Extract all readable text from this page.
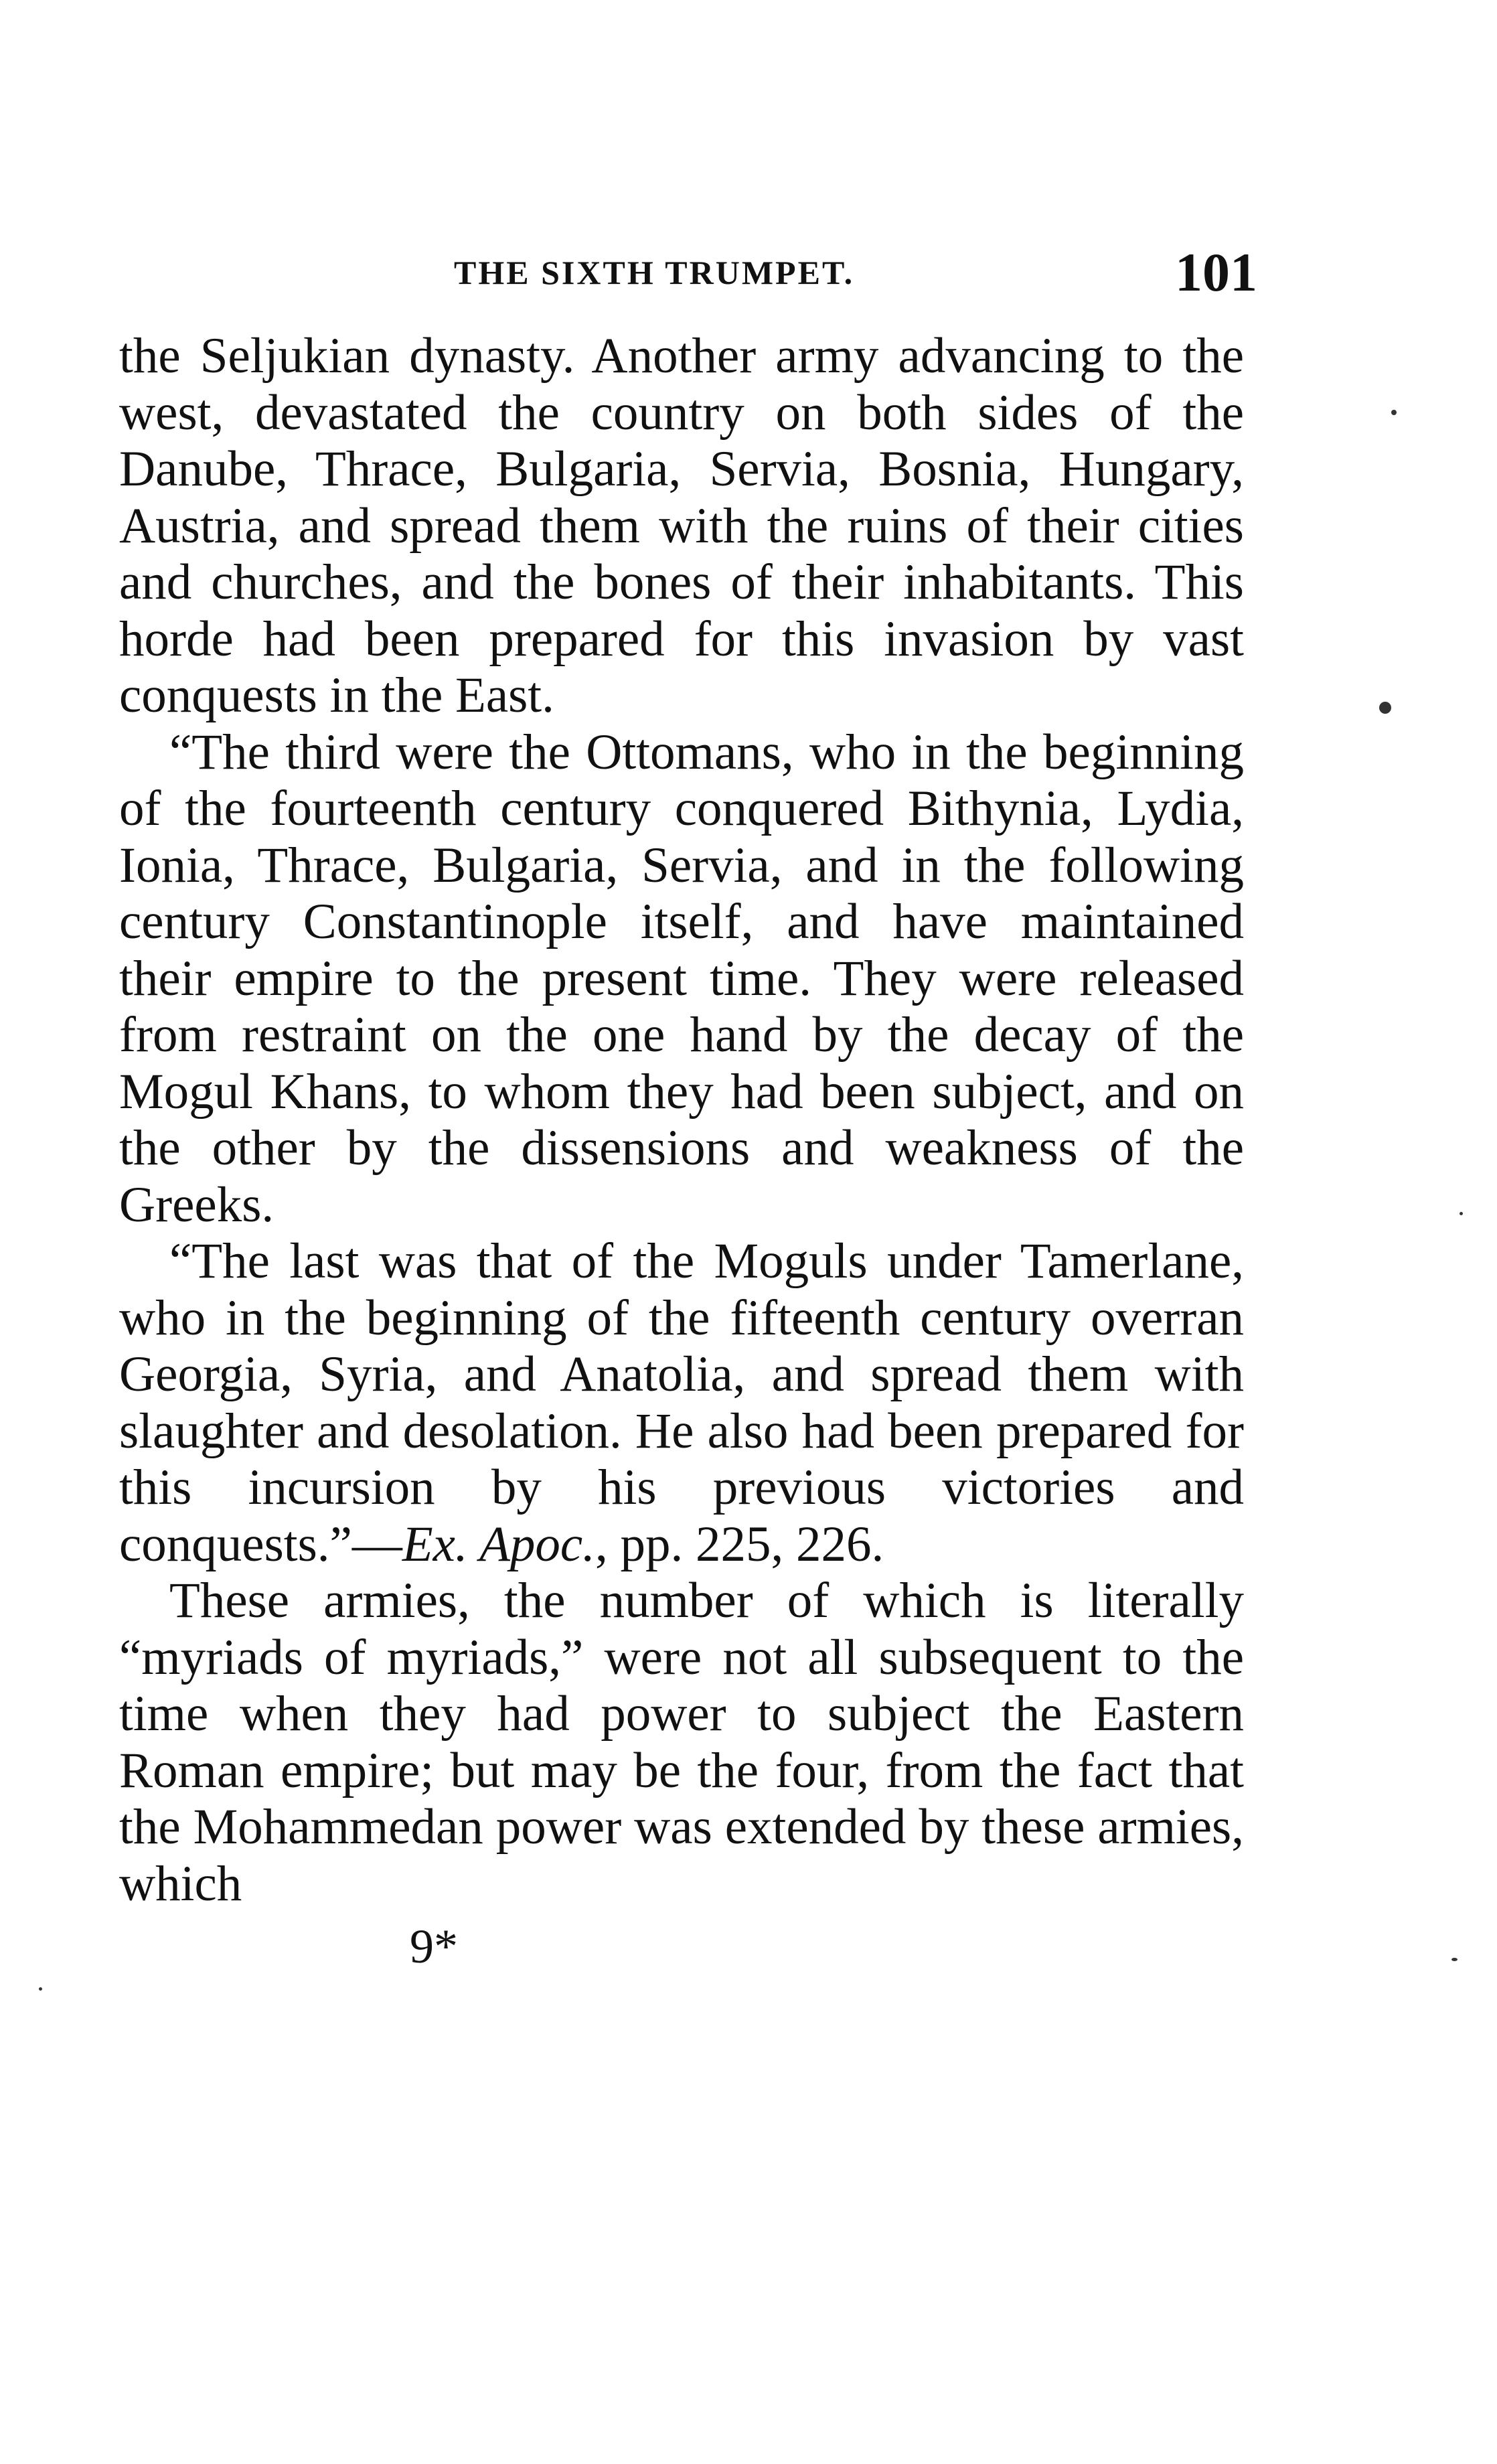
THE SIXTH TRUMPET.	101

the Seljukian dynasty. Another army advancing to the west, devastated the country on both sides of the Danube, Thrace, Bulgaria, Servia, Bosnia, Hungary, Austria, and spread them with the ruins of their cities and churches, and the bones of their inhabitants. This horde had been prepared for this invasion by vast conquests in the East.

“The third were the Ottomans, who in the beginning of the fourteenth century conquered Bithynia, Lydia, Ionia, Thrace, Bulgaria, Servia, and in the following century Constantinople itself, and have maintained their empire to the present time. They were released from restraint on the one hand by the decay of the Mogul Khans, to whom they had been subject, and on the other by the dissensions and weakness of the Greeks.

“The last was that of the Moguls under Tamerlane, who in the beginning of the fifteenth century overran Georgia, Syria, and Anatolia, and spread them with slaughter and desolation. He also had been prepared for this incursion by his previous victories and conquests.”—Ex. Apoc., pp. 225, 226.

These armies, the number of which is literally “myriads of myriads,” were not all subsequent to the time when they had power to subject the Eastern Roman empire; but may be the four, from the fact that the Mohammedan power was extended by these armies, which

9*
